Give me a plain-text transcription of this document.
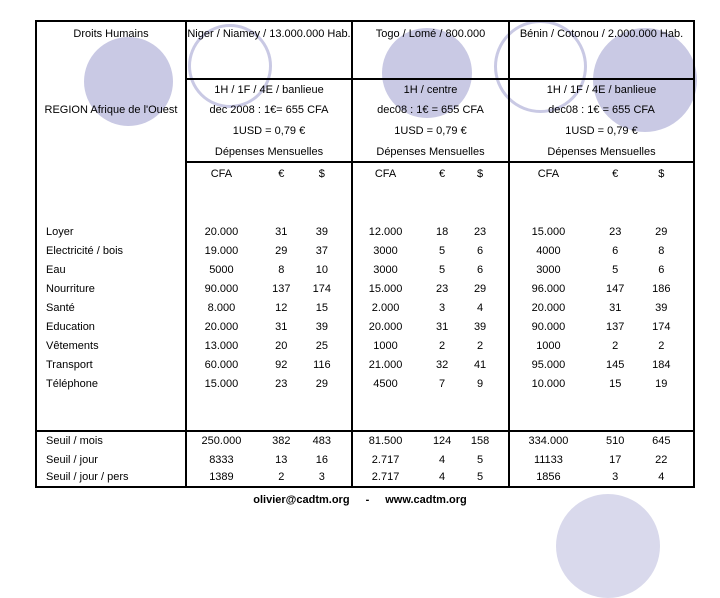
Droits Humains
REGION Afrique de l'Ouest
Niger / Niamey / 13.000.000 Hab.	Togo / Lomé / 800.000	Bénin / Cotonou / 2.000.000 Hab.
1H / 1F / 4E / banlieue	1H / centre	1H / 1F / 4E / banlieue
dec 2008 : 1€= 655 CFA	dec08 : 1€ = 655 CFA	dec08 : 1€ = 655 CFA
1USD = 0,79 €	1USD = 0,79 €	1USD = 0,79 €
Dépenses Mensuelles	Dépenses Mensuelles	Dépenses Mensuelles
CFA	€	$	CFA	€	$	CFA	€	$
Loyer	20.000	31	39	12.000	18	23	15.000	23	29
Electricité / bois	19.000	29	37	3000	5	6	4000	6	8
Eau	5000	8	10	3000	5	6	3000	5	6
Nourriture	90.000	137	174	15.000	23	29	96.000	147	186
Santé	8.000	12	15	2.000	3	4	20.000	31	39
Education	20.000	31	39	20.000	31	39	90.000	137	174
Vêtements	13.000	20	25	1000	2	2	1000	2	2
Transport	60.000	92	116	21.000	32	41	95.000	145	184
Téléphone	15.000	23	29	4500	7	9	10.000	15	19
Seuil / mois	250.000	382	483	81.500	124	158	334.000	510	645
Seuil / jour	8333	13	16	2.717	4	5	11133	17	22
Seuil / jour / pers	1389	2	3	2.717	4	5	1856	3	4
olivier@cadtm.org - www.cadtm.org
